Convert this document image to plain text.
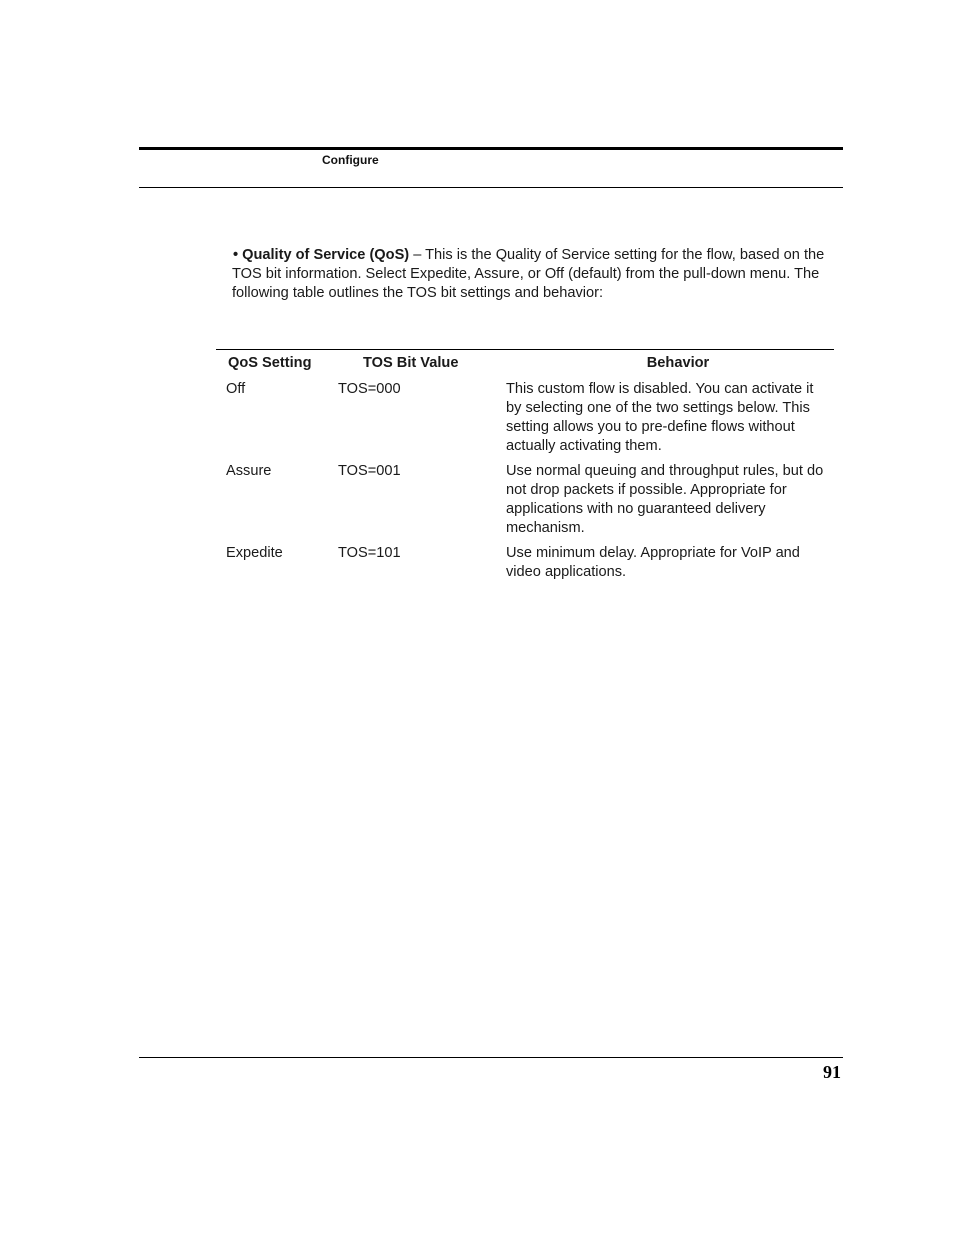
Configure
• Quality of Service (QoS) – This is the Quality of Service setting for the flow, based on the TOS bit information. Select Expedite, Assure, or Off (default) from the pull-down menu. The following table outlines the TOS bit settings and behavior:
QoS Setting	TOS Bit Value	Behavior
Off	TOS=000	This custom flow is disabled. You can activate it by selecting one of the two settings below. This setting allows you to pre-define flows without actually activating them.
Assure	TOS=001	Use normal queuing and throughput rules, but do not drop packets if possible. Appropriate for applications with no guaranteed delivery mechanism.
Expedite	TOS=101	Use minimum delay. Appropriate for VoIP and video applications.
91
